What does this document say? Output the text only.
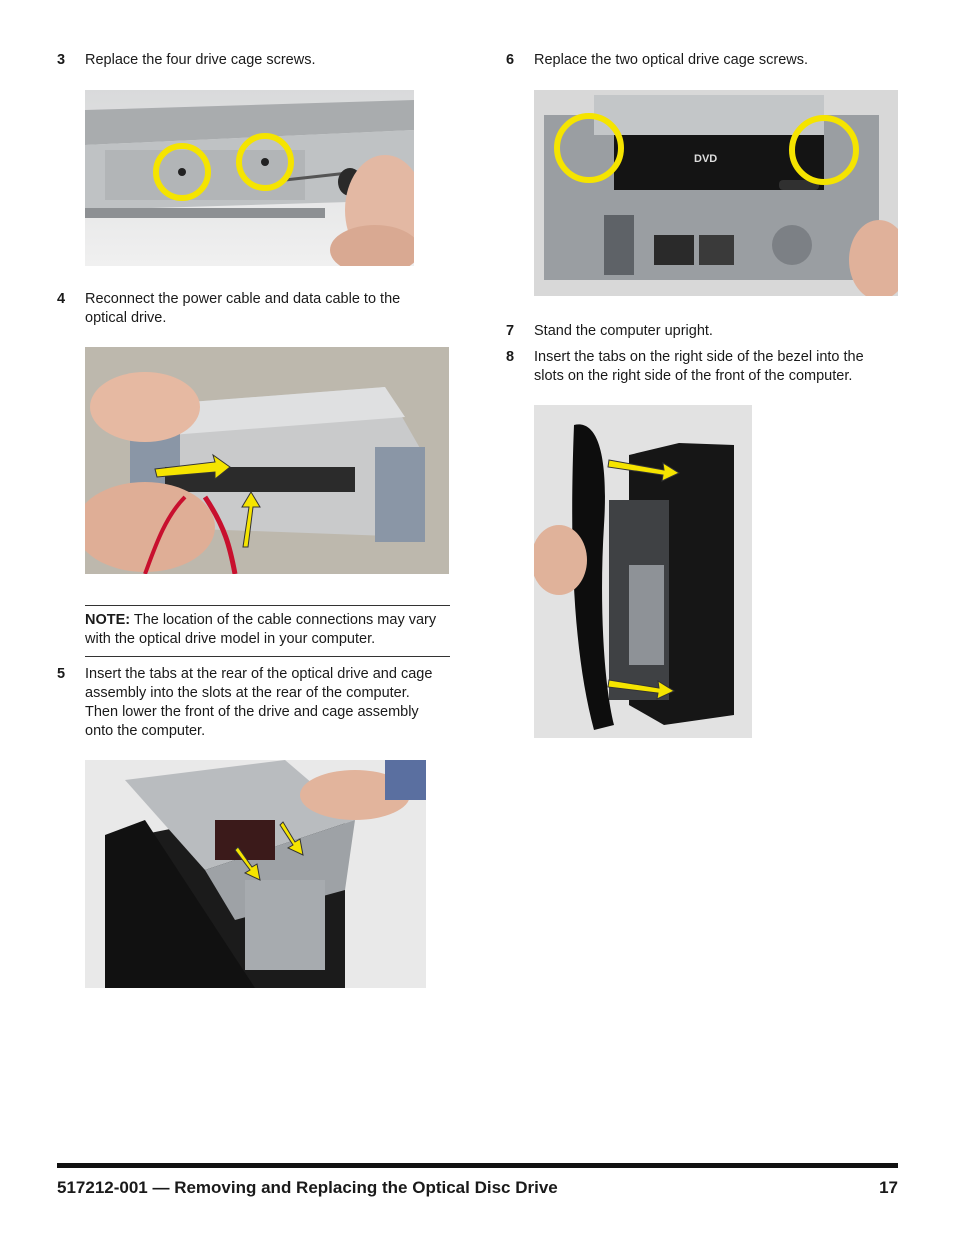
3	Replace the four drive cage screws.
4	Reconnect the power cable and data cable to the optical drive.
NOTE: The location of the cable connections may vary with the optical drive model in your computer.
5	Insert the tabs at the rear of the optical drive and cage assembly into the slots at the rear of the computer. Then lower the front of the drive and cage assembly onto the computer.
6	Replace the two optical drive cage screws.
DVD
7	Stand the computer upright.
8	Insert the tabs on the right side of the bezel into the slots on the right side of the front of the computer.
517212-001 — Removing and Replacing the Optical Disc Drive	17
